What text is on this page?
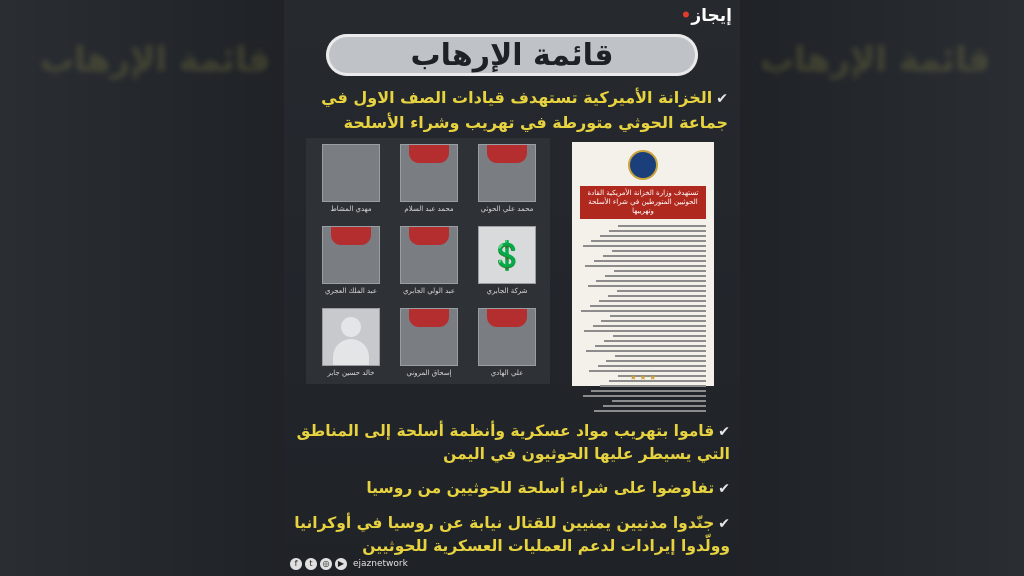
قائمة الإرهاب	قائمة الإرهاب
•إيجاز
قائمة الإرهاب
✔الخزانة الأميركية تستهدف قيادات الصف الاول في جماعة الحوثي متورطة في تهريب وشراء الأسلحة
محمد علي الحوثي
محمد عبد السلام
مهدي المشاط
💲
شركة الجابري
عبد الولي الجابري
عبد الملك العجري
علي الهادي
إسحاق المروني
خالد حسين جابر
تستهدف وزارة الخزانة الأمريكية القادة الحوثيين المتورطين في شراء الأسلحة وتهريبها
★ ★ ★

✔قاموا بتهريب مواد عسكرية وأنظمة أسلحة إلى المناطق التي يسيطر عليها الحوثيون في اليمن

✔تفاوضوا على شراء أسلحة للحوثيين من روسيا

✔جنّدوا مدنيين يمنيين للقتال نيابة عن روسيا في أوكرانيا وولّدوا إيرادات لدعم العمليات العسكرية للحوثيين

f	t	◎	▶ ejaznetwork
